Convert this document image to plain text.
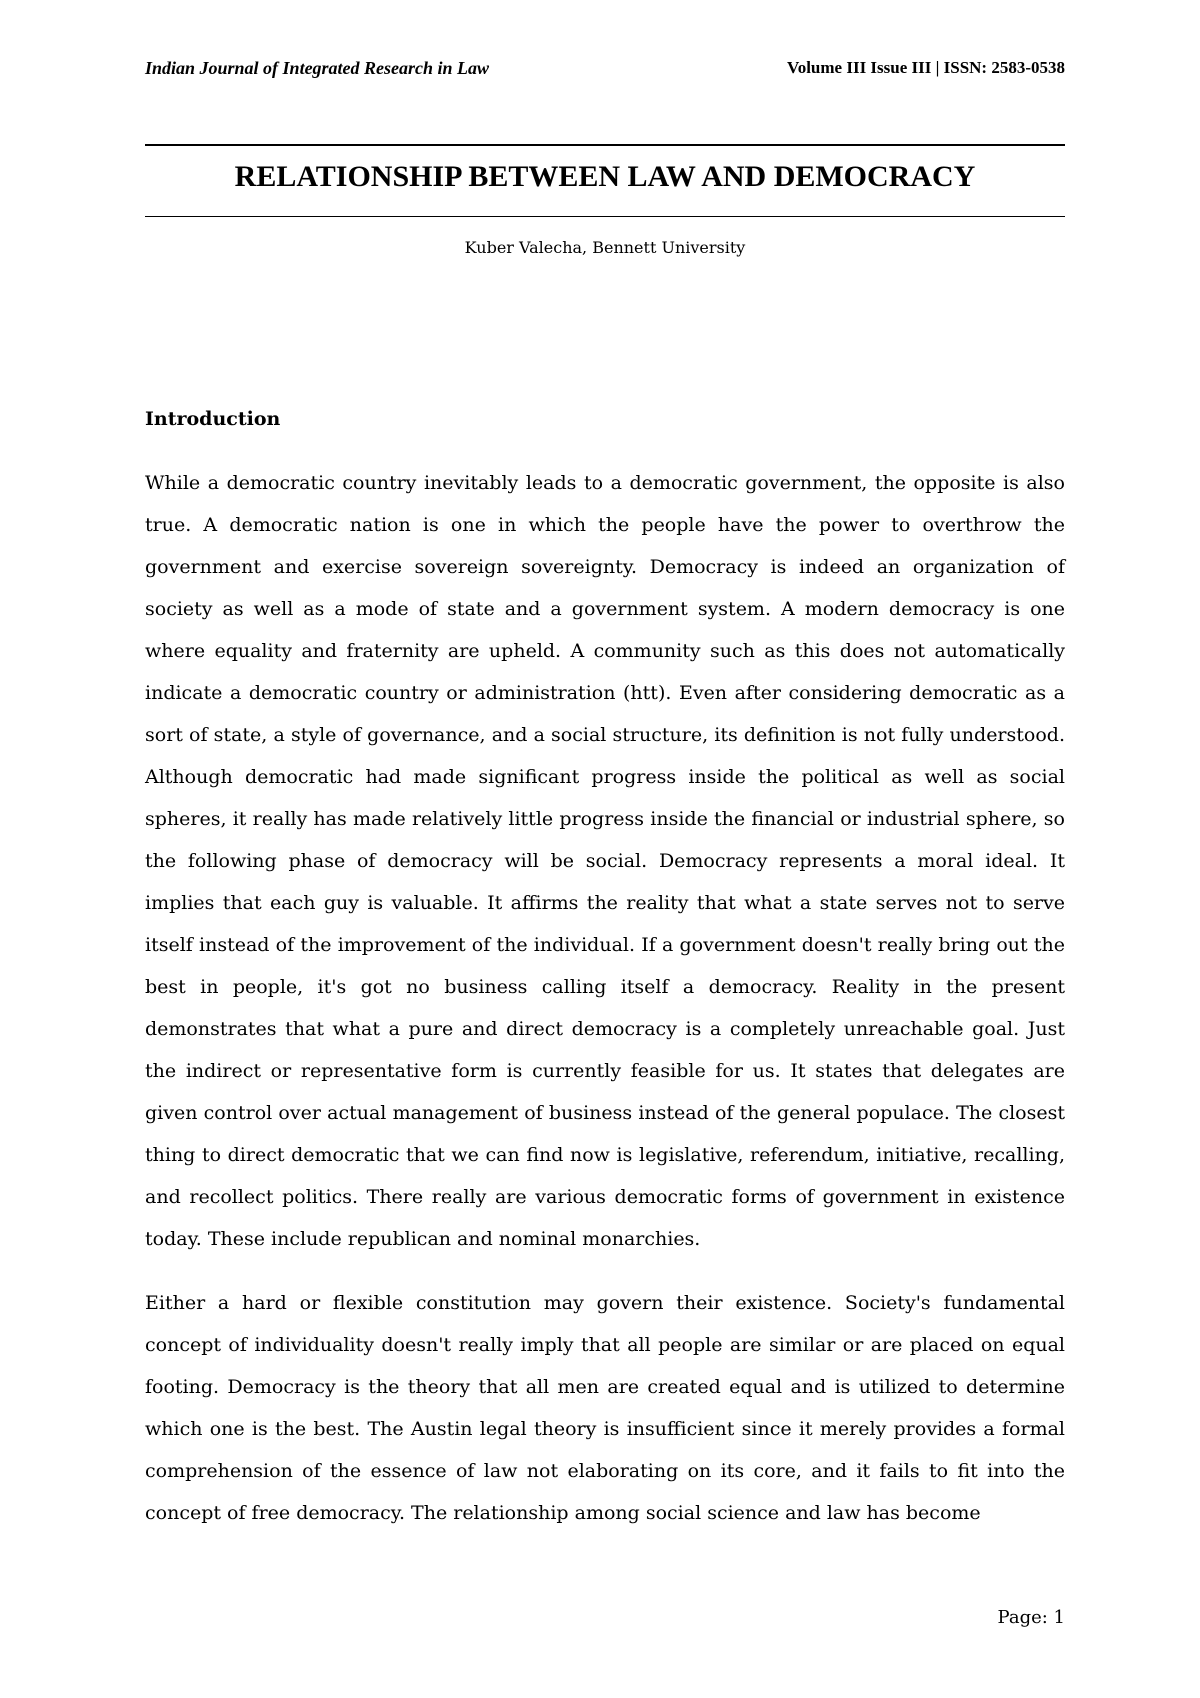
Indian Journal of Integrated Research in Law	Volume III Issue III | ISSN: 2583-0538
RELATIONSHIP BETWEEN LAW AND DEMOCRACY
Kuber Valecha, Bennett University
Introduction

While a democratic country inevitably leads to a democratic government, the opposite is also true. A democratic nation is one in which the people have the power to overthrow the government and exercise sovereign sovereignty. Democracy is indeed an organization of society as well as a mode of state and a government system. A modern democracy is one where equality and fraternity are upheld. A community such as this does not automatically indicate a democratic country or administration (htt). Even after considering democratic as a sort of state, a style of governance, and a social structure, its definition is not fully understood. Although democratic had made significant progress inside the political as well as social spheres, it really has made relatively little progress inside the financial or industrial sphere, so the following phase of democracy will be social. Democracy represents a moral ideal. It implies that each guy is valuable. It affirms the reality that what a state serves not to serve itself instead of the improvement of the individual. If a government doesn't really bring out the best in people, it's got no business calling itself a democracy. Reality in the present demonstrates that what a pure and direct democracy is a completely unreachable goal. Just the indirect or representative form is currently feasible for us. It states that delegates are given control over actual management of business instead of the general populace. The closest thing to direct democratic that we can find now is legislative, referendum, initiative, recalling, and recollect politics. There really are various democratic forms of government in existence today. These include republican and nominal monarchies.

Either a hard or flexible constitution may govern their existence. Society's fundamental concept of individuality doesn't really imply that all people are similar or are placed on equal footing. Democracy is the theory that all men are created equal and is utilized to determine which one is the best. The Austin legal theory is insufficient since it merely provides a formal comprehension of the essence of law not elaborating on its core, and it fails to fit into the concept of free democracy. The relationship among social science and law has become

Page: 1
